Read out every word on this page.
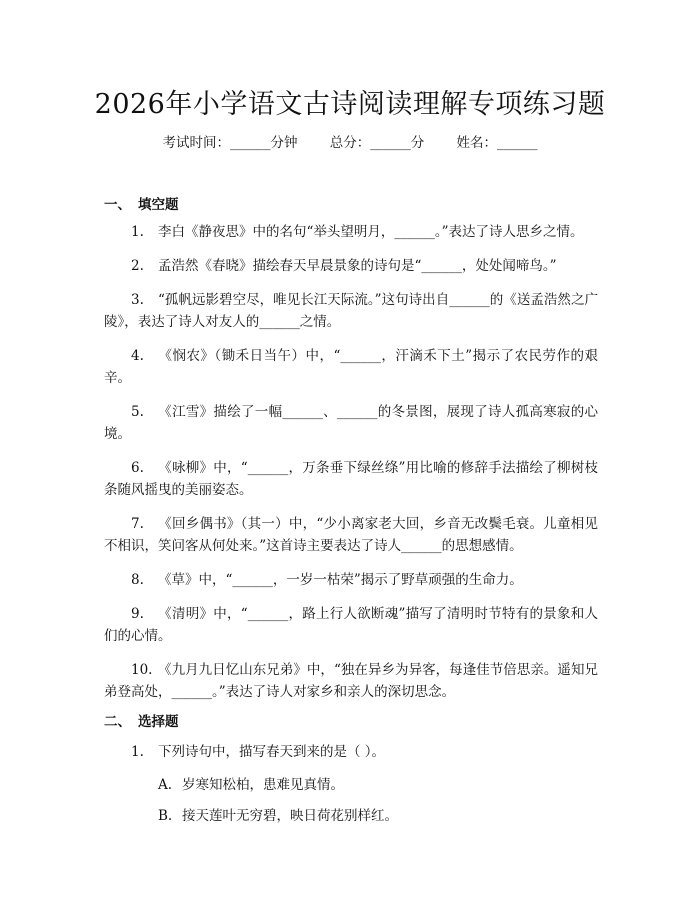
2026年小学语文古诗阅读理解专项练习题
考试时间：______分钟 总分：______分 姓名：______
一、 填空题
1. 李白《静夜思》中的名句“举头望明月，______。”表达了诗人思乡之情。
2. 孟浩然《春晓》描绘春天早晨景象的诗句是“______，处处闻啼鸟。”
3. “孤帆远影碧空尽，唯见长江天际流。”这句诗出自______的《送孟浩然之广陵》，表达了诗人对友人的______之情。
4. 《悯农》（锄禾日当午）中，“______，汗滴禾下土”揭示了农民劳作的艰辛。
5. 《江雪》描绘了一幅______、______的冬景图，展现了诗人孤高寒寂的心境。
6. 《咏柳》中，“______，万条垂下绿丝绦”用比喻的修辞手法描绘了柳树枝条随风摇曳的美丽姿态。
7. 《回乡偶书》（其一）中，“少小离家老大回，乡音无改鬓毛衰。儿童相见不相识，笑问客从何处来。”这首诗主要表达了诗人______的思想感情。
8. 《草》中，“______，一岁一枯荣”揭示了野草顽强的生命力。
9. 《清明》中，“______，路上行人欲断魂”描写了清明时节特有的景象和人们的心情。
10. 《九月九日忆山东兄弟》中，“独在异乡为异客，每逢佳节倍思亲。遥知兄弟登高处，______。”表达了诗人对家乡和亲人的深切思念。
二、 选择题
1. 下列诗句中，描写春天到来的是（ ）。
A. 岁寒知松柏，患难见真情。
B. 接天莲叶无穷碧，映日荷花别样红。
